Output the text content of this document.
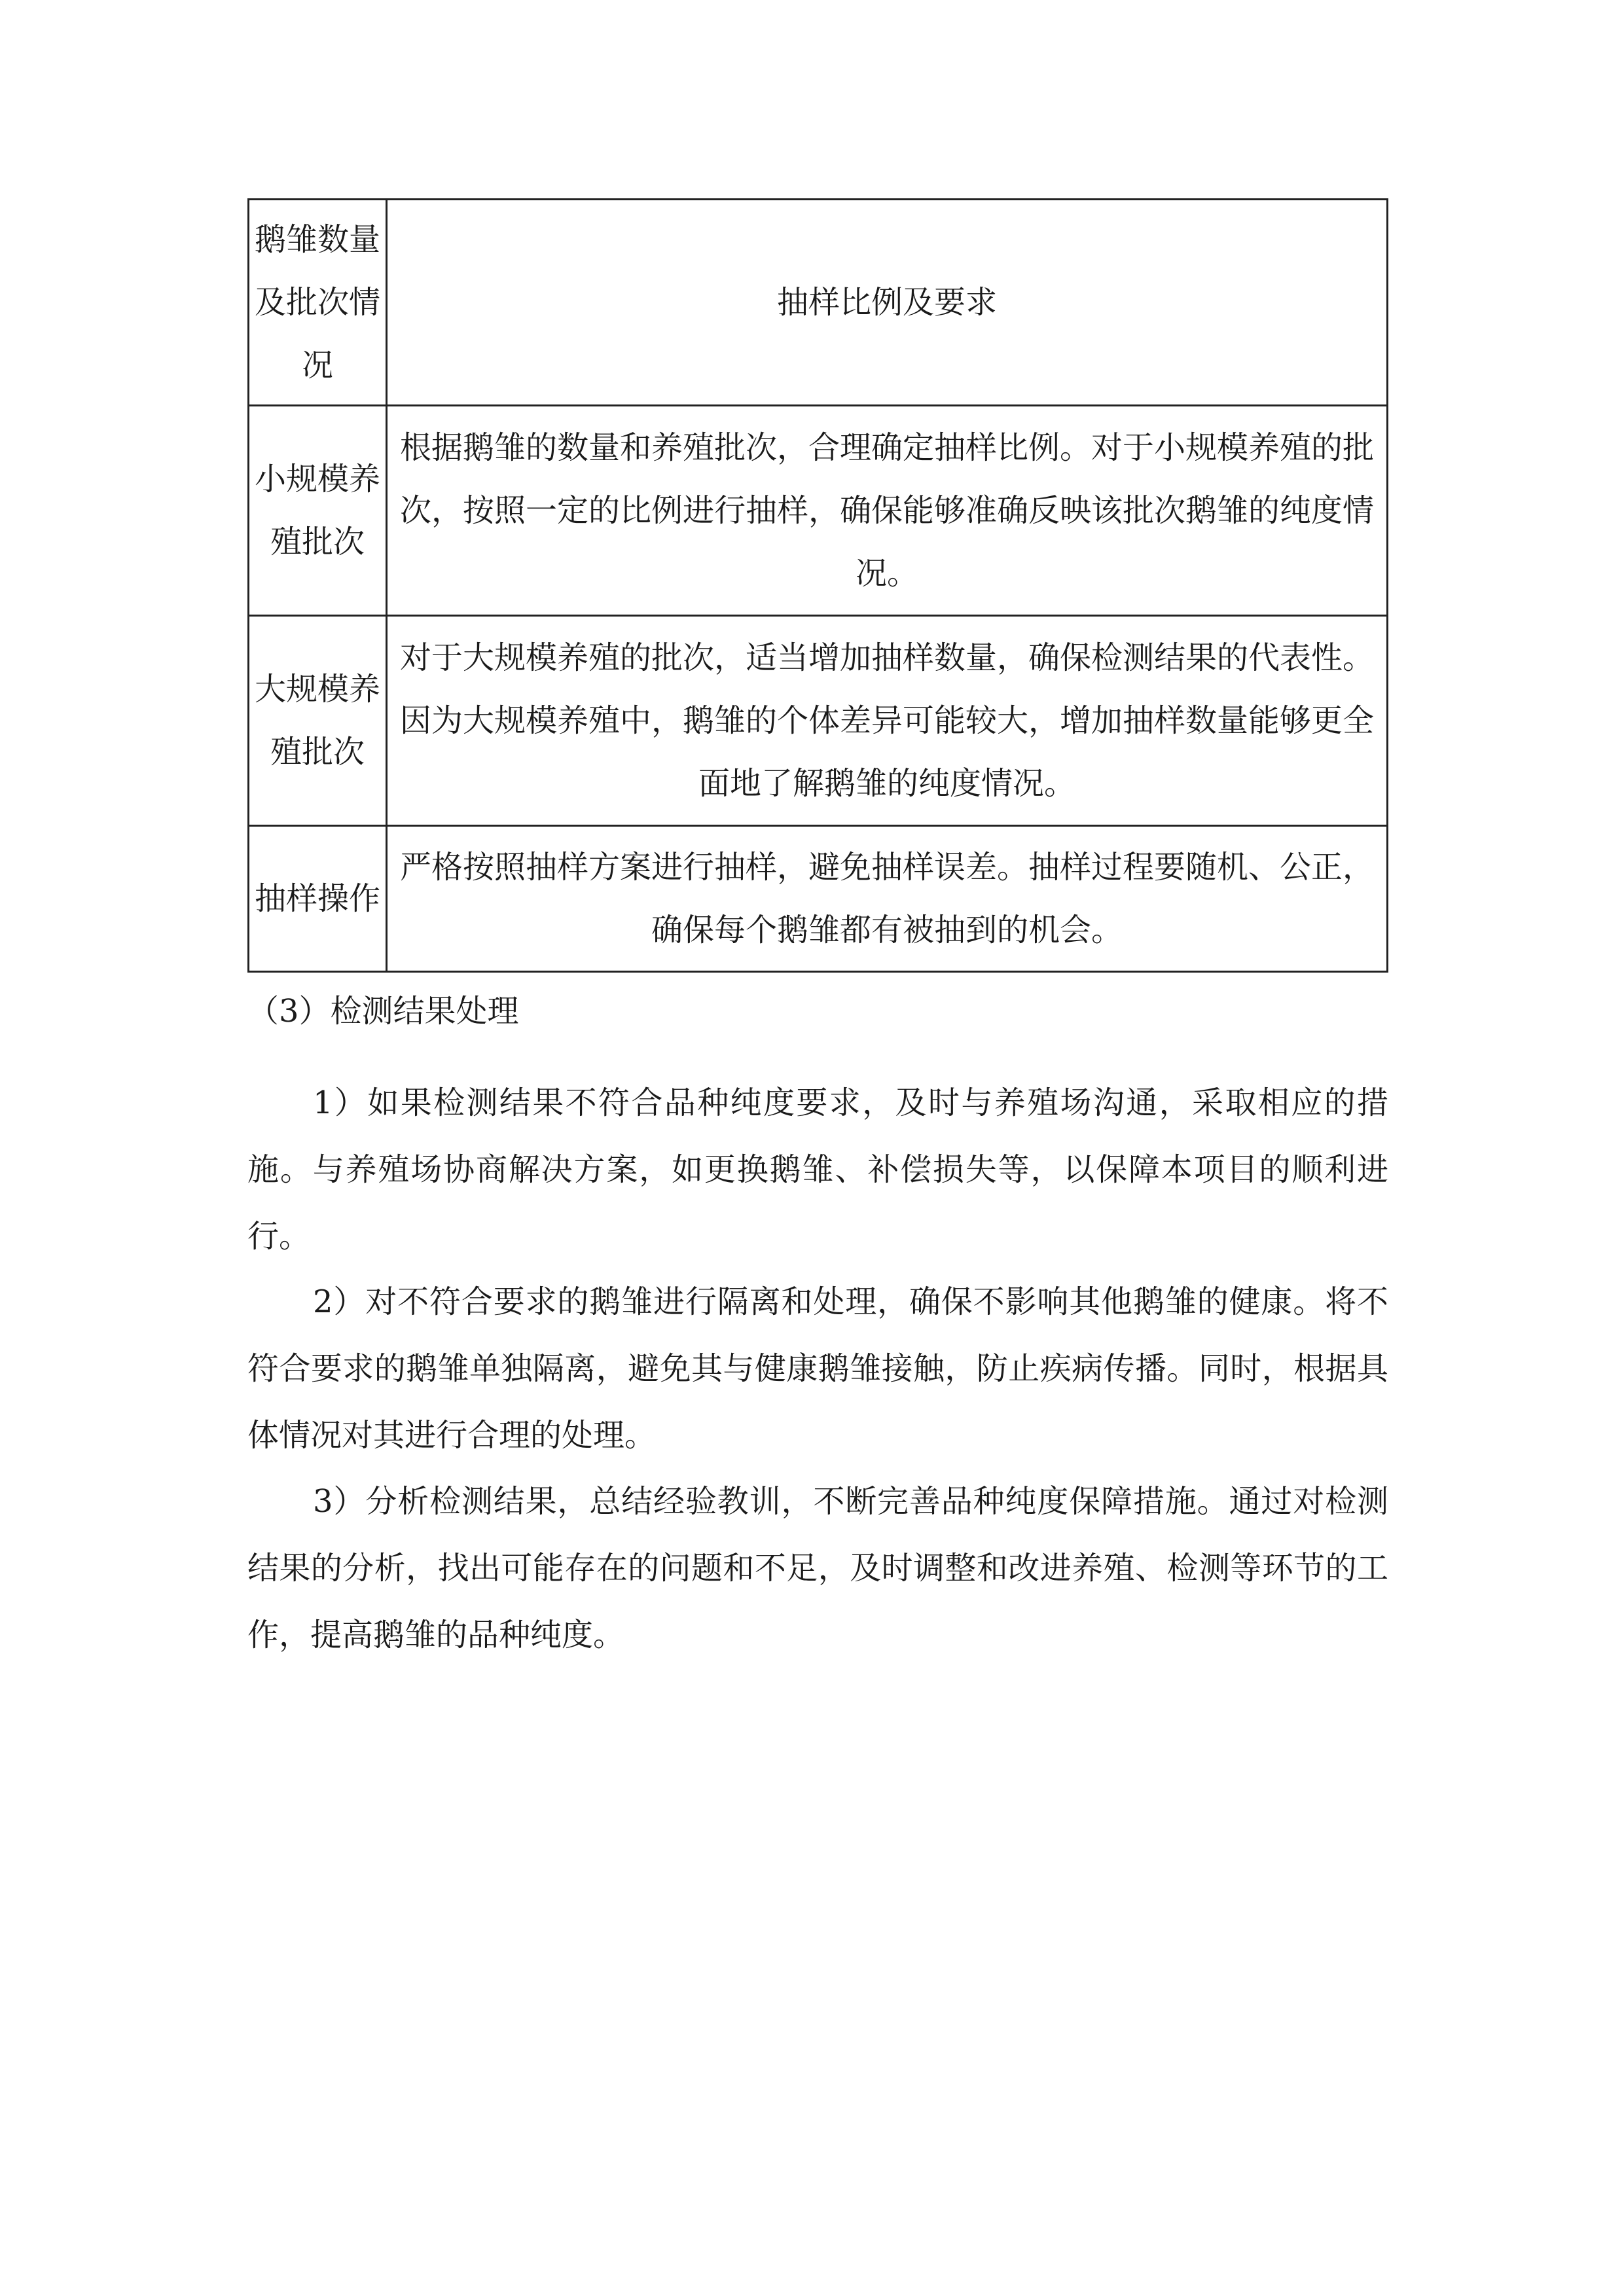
鹅雏数量及批次情况	抽样比例及要求

小规模养殖批次	根据鹅雏的数量和养殖批次，合理确定抽样比例。对于小规模养殖的批次，按照一定的比例进行抽样，确保能够准确反映该批次鹅雏的纯度情况。

大规模养殖批次	对于大规模养殖的批次，适当增加抽样数量，确保检测结果的代表性。因为大规模养殖中，鹅雏的个体差异可能较大，增加抽样数量能够更全面地了解鹅雏的纯度情况。

抽样操作	严格按照抽样方案进行抽样，避免抽样误差。抽样过程要随机、公正，确保每个鹅雏都有被抽到的机会。
（3）检测结果处理

1）如果检测结果不符合品种纯度要求，及时与养殖场沟通，采取相应的措施。与养殖场协商解决方案，如更换鹅雏、补偿损失等，以保障本项目的顺利进行。

2）对不符合要求的鹅雏进行隔离和处理，确保不影响其他鹅雏的健康。将不符合要求的鹅雏单独隔离，避免其与健康鹅雏接触，防止疾病传播。同时，根据具体情况对其进行合理的处理。

3）分析检测结果，总结经验教训，不断完善品种纯度保障措施。通过对检测结果的分析，找出可能存在的问题和不足，及时调整和改进养殖、检测等环节的工作，提高鹅雏的品种纯度。
